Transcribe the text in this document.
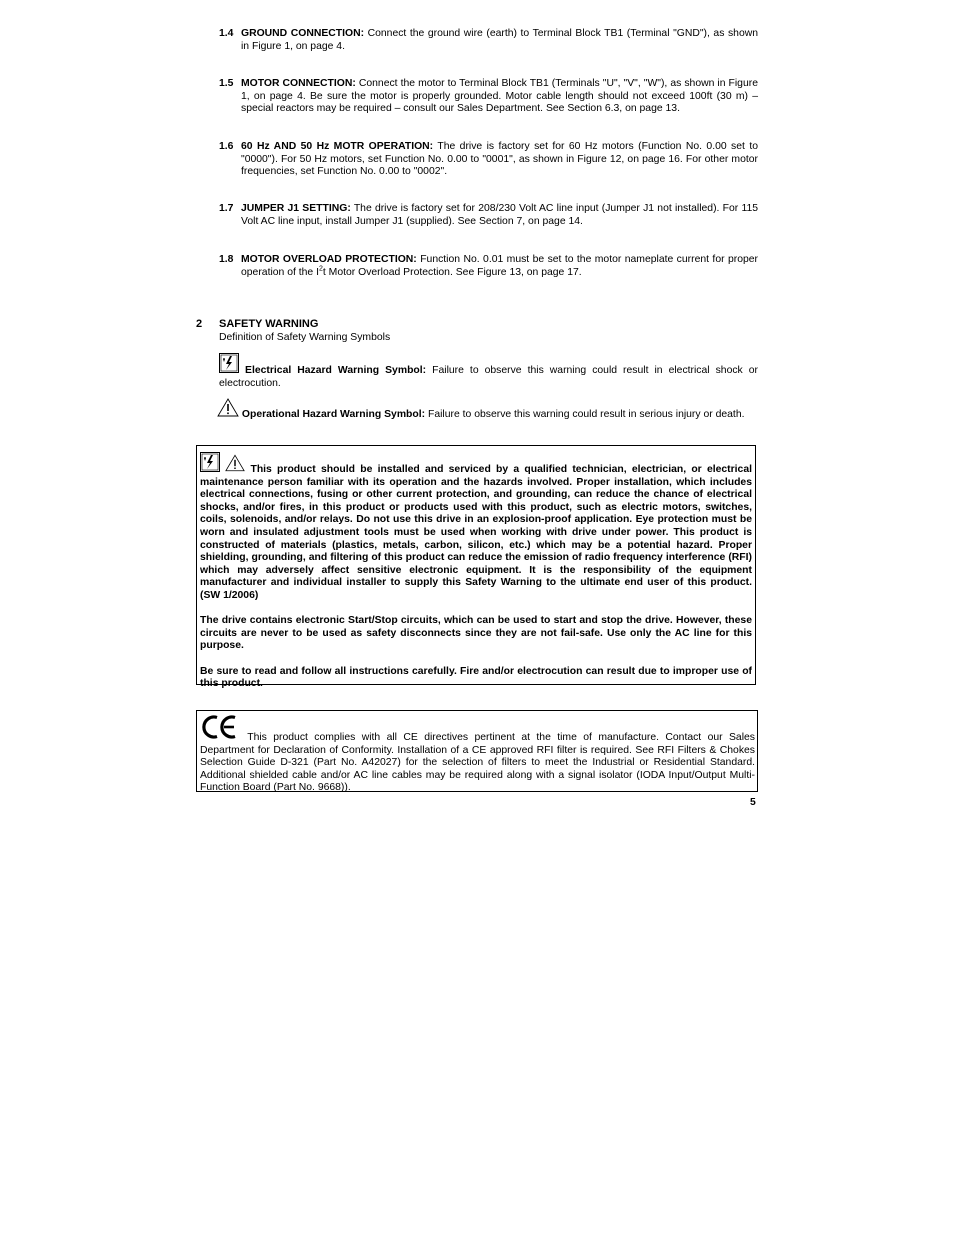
1.4 GROUND CONNECTION: Connect the ground wire (earth) to Terminal Block TB1 (Terminal "GND"), as shown in Figure 1, on page 4.
1.5 MOTOR CONNECTION: Connect the motor to Terminal Block TB1 (Terminals "U", "V", "W"), as shown in Figure 1, on page 4. Be sure the motor is properly grounded. Motor cable length should not exceed 100ft (30 m) – special reactors may be required – consult our Sales Department. See Section 6.3, on page 13.
1.6 60 Hz AND 50 Hz MOTR OPERATION: The drive is factory set for 60 Hz motors (Function No. 0.00 set to "0000"). For 50 Hz motors, set Function No. 0.00 to "0001", as shown in Figure 12, on page 16. For other motor frequencies, set Function No. 0.00 to "0002".
1.7 JUMPER J1 SETTING: The drive is factory set for 208/230 Volt AC line input (Jumper J1 not installed). For 115 Volt AC line input, install Jumper J1 (supplied). See Section 7, on page 14.
1.8 MOTOR OVERLOAD PROTECTION: Function No. 0.01 must be set to the motor nameplate current for proper operation of the $I^2t$ Motor Overload Protection. See Figure 13, on page 17.
2 SAFETY WARNING
Definition of Safety Warning Symbols
Electrical Hazard Warning Symbol: Failure to observe this warning could result in electrical shock or electrocution.
Operational Hazard Warning Symbol: Failure to observe this warning could result in serious injury or death.

This product should be installed and serviced by a qualified technician, electrician, or electrical maintenance person familiar with its operation and the hazards involved. Proper installation, which includes electrical connections, fusing or other current protection, and grounding, can reduce the chance of electrical shocks, and/or fires, in this product or products used with this product, such as electric motors, switches, coils, solenoids, and/or relays. Do not use this drive in an explosion-proof application. Eye protection must be worn and insulated adjustment tools must be used when working with drive under power. This product is constructed of materials (plastics, metals, carbon, silicon, etc.) which may be a potential hazard. Proper shielding, grounding, and filtering of this product can reduce the emission of radio frequency interference (RFI) which may adversely affect sensitive electronic equipment. It is the responsibility of the equipment manufacturer and individual installer to supply this Safety Warning to the ultimate end user of this product. (SW 1/2006)

The drive contains electronic Start/Stop circuits, which can be used to start and stop the drive. However, these circuits are never to be used as safety disconnects since they are not fail-safe. Use only the AC line for this purpose.

Be sure to read and follow all instructions carefully. Fire and/or electrocution can result due to improper use of this product.

This product complies with all CE directives pertinent at the time of manufacture. Contact our Sales Department for Declaration of Conformity. Installation of a CE approved RFI filter is required. See RFI Filters & Chokes Selection Guide D-321 (Part No. A42027) for the selection of filters to meet the Industrial or Residential Standard. Additional shielded cable and/or AC line cables may be required along with a signal isolator (IODA Input/Output Multi-Function Board (Part No. 9668)).
5
